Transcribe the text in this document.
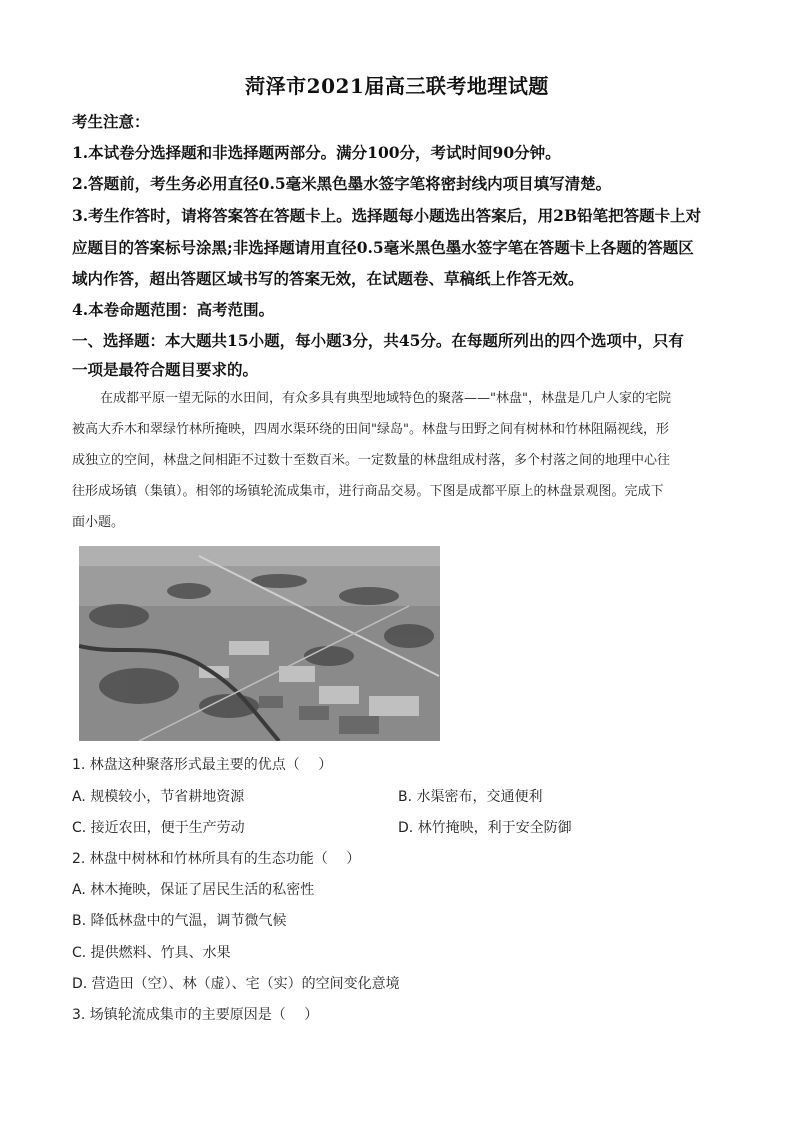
菏泽市2021届高三联考地理试题
考生注意：
1.本试卷分选择题和非选择题两部分。满分100分，考试时间90分钟。
2.答题前，考生务必用直径0.5毫米黑色墨水签字笔将密封线内项目填写清楚。
3.考生作答时，请将答案答在答题卡上。选择题每小题选出答案后，用2B铅笔把答题卡上对
应题目的答案标号涂黑;非选择题请用直径0.5毫米黑色墨水签字笔在答题卡上各题的答题区
域内作答，超出答题区域书写的答案无效，在试题卷、草稿纸上作答无效。
4.本卷命题范围：高考范围。
一、选择题：本大题共15小题，每小题3分，共45分。在每题所列出的四个选项中，只有
一项是最符合题目要求的。

在成都平原一望无际的水田间，有众多具有典型地域特色的聚落——"林盘"，林盘是几户人家的宅院

被高大乔木和翠绿竹林所掩映，四周水渠环绕的田间"绿岛"。林盘与田野之间有树林和竹林阻隔视线，形

成独立的空间，林盘之间相距不过数十至数百米。一定数量的林盘组成村落，多个村落之间的地理中心往

往形成场镇（集镇）。相邻的场镇轮流成集市，进行商品交易。下图是成都平原上的林盘景观图。完成下

面小题。

1. 林盘这种聚落形式最主要的优点（　 ）
A. 规模较小，节省耕地资源	B. 水渠密布，交通便利
C. 接近农田，便于生产劳动	D. 林竹掩映，利于安全防御
2. 林盘中树林和竹林所具有的生态功能（　 ）
A. 林木掩映，保证了居民生活的私密性
B. 降低林盘中的气温，调节微气候
C. 提供燃料、竹具、水果
D. 营造田（空）、林（虚）、宅（实）的空间变化意境
3. 场镇轮流成集市的主要原因是（　 ）
